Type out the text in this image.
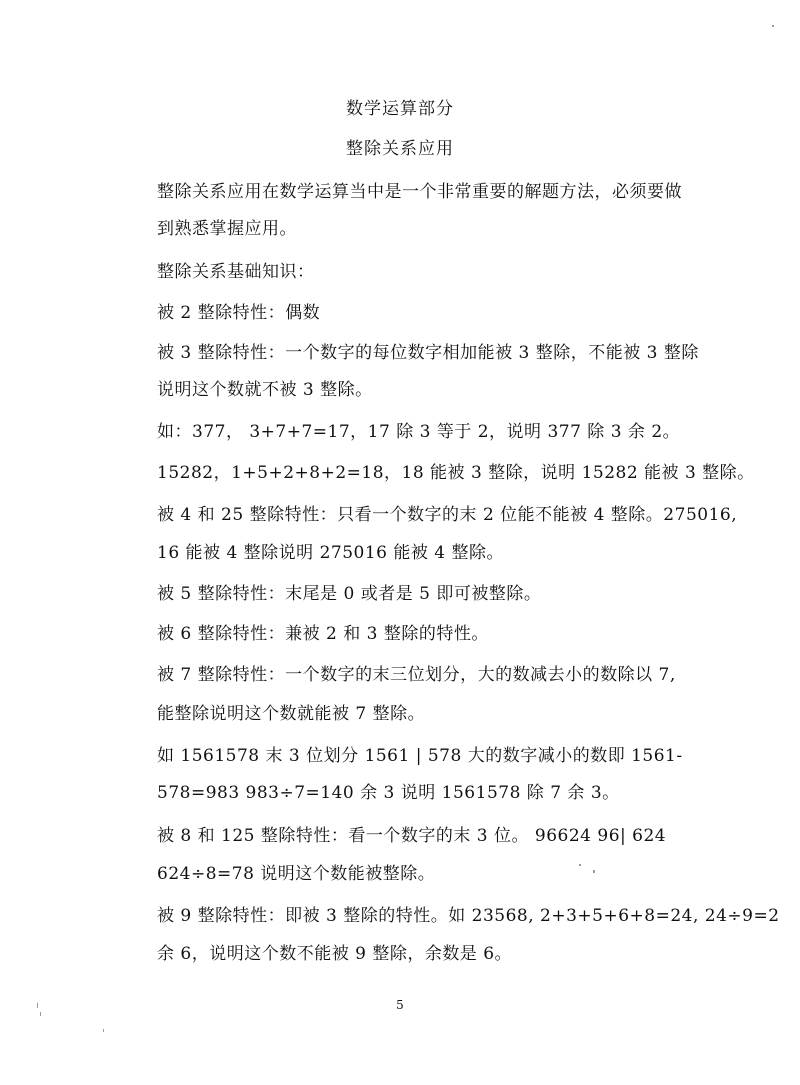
数学运算部分
整除关系应用
整除关系应用在数学运算当中是一个非常重要的解题方法，必须要做
到熟悉掌握应用。
整除关系基础知识：
被 2 整除特性：偶数
被 3 整除特性：一个数字的每位数字相加能被 3 整除，不能被 3 整除
说明这个数就不被 3 整除。
如：377， 3+7+7=17，17 除 3 等于 2，说明 377 除 3 余 2。
15282，1+5+2+8+2=18，18 能被 3 整除，说明 15282 能被 3 整除。
被 4 和 25 整除特性：只看一个数字的末 2 位能不能被 4 整除。275016,
16 能被 4 整除说明 275016 能被 4 整除。
被 5 整除特性：末尾是 0 或者是 5 即可被整除。
被 6 整除特性：兼被 2 和 3 整除的特性。
被 7 整除特性：一个数字的末三位划分，大的数减去小的数除以 7,
能整除说明这个数就能被 7 整除。
如 1561578 末 3 位划分 1561 | 578 大的数字减小的数即 1561-
578=983 983÷7=140 余 3 说明 1561578 除 7 余 3。
被 8 和 125 整除特性：看一个数字的末 3 位。 96624 96| 624
624÷8=78 说明这个数能被整除。
被 9 整除特性：即被 3 整除的特性。如 23568, 2+3+5+6+8=24, 24÷9=2
余 6，说明这个数不能被 9 整除，余数是 6。
5
